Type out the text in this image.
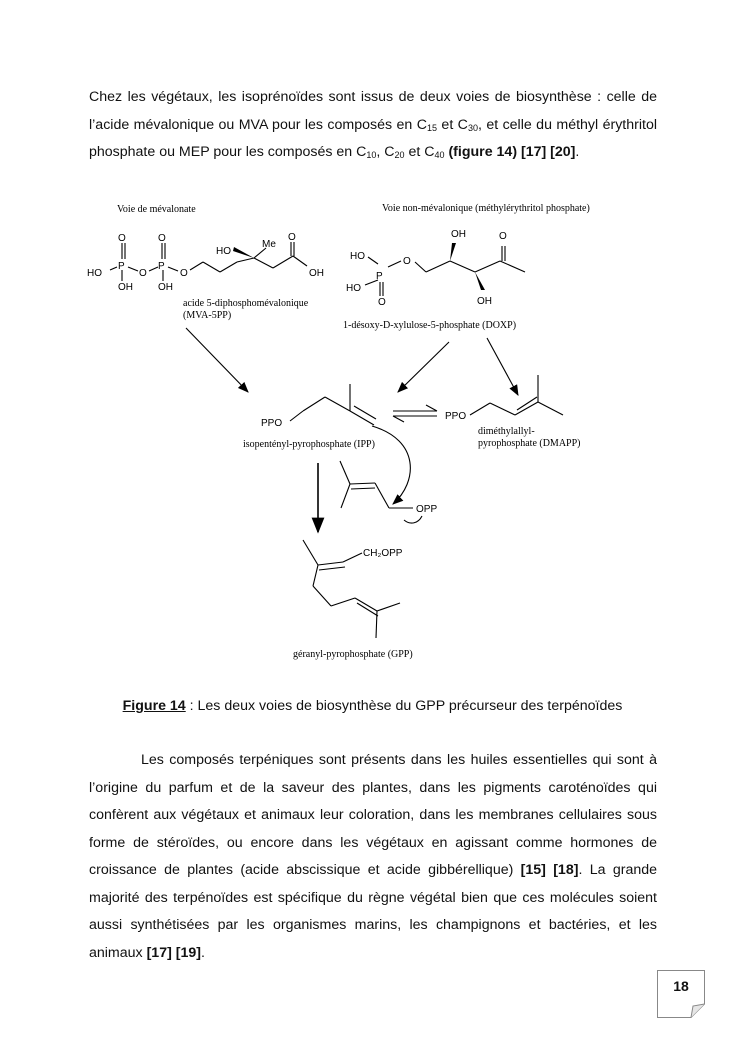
Chez les végétaux, les isoprénoïdes sont issus de deux voies de biosynthèse : celle de l’acide mévalonique ou MVA pour les composés en $C_{15}$ et $C_{30}$, et celle du méthyl érythritol phosphate ou MEP pour les composés en $C_{10}$, $C_{20}$ et $C_{40}$ (figure 14) [17] [20].

Voie de mévalonate	Voie non-mévalonique (méthylérythritol phosphate)
O	O
P	P
HO	O	O
OH	OH
HO
Me
O
OH
acide 5-diphosphomévalonique
(MVA-5PP)
HO
P
HO
O
O
OH	O
OH
1-désoxy-D-xylulose-5-phosphate (DOXP)
PPO
isopentényl-pyrophosphate (IPP)
PPO
diméthylallyl-
pyrophosphate (DMAPP)
OPP
CH₂OPP
géranyl-pyrophosphate (GPP)

Figure 14 : Les deux voies de biosynthèse du GPP précurseur des terpénoïdes

Les composés terpéniques sont présents dans les huiles essentielles qui sont à l’origine du parfum et de la saveur des plantes, dans les pigments caroténoïdes qui confèrent aux végétaux et animaux leur coloration, dans les membranes cellulaires sous forme de stéroïdes, ou encore dans les végétaux en agissant comme hormones de croissance de plantes (acide abscissique et acide gibbérellique) [15] [18]. La grande majorité des terpénoïdes est spécifique du règne végétal bien que ces molécules soient aussi synthétisées par les organismes marins, les champignons et bactéries, et les animaux [17] [19].

18
